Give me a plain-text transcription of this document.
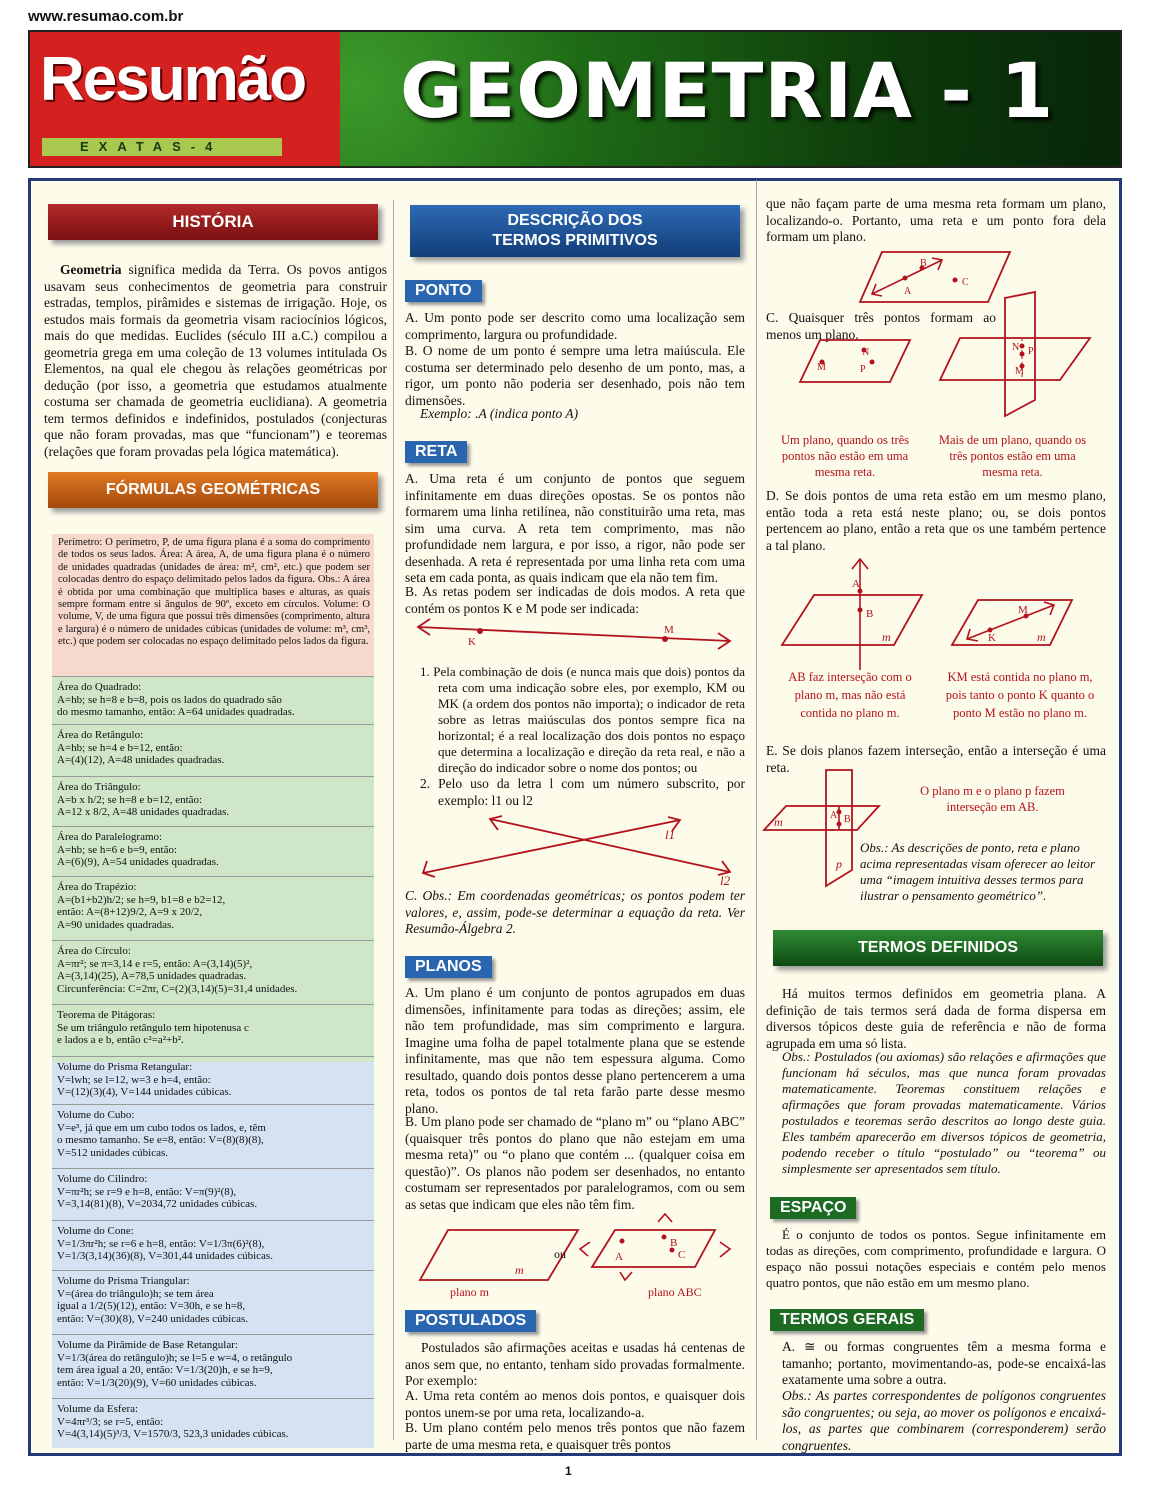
www.resumao.com.br
Resumão
EXATAS-4
GEOMETRIA - 1
HISTÓRIA
Geometria significa medida da Terra. Os povos antigos usavam seus conhecimentos de geometria para construir estradas, templos, pirâmides e sistemas de irrigação. Hoje, os estudos mais formais da geometria visam raciocínios lógicos, mais do que medidas. Euclides (século III a.C.) compilou a geometria grega em uma coleção de 13 volumes intitulada Os Elementos, na qual ele chegou às relações geométricas por dedução (por isso, a geometria que estudamos atualmente costuma ser chamada de geometria euclidiana). A geometria tem termos definidos e indefinidos, postulados (conjecturas que não foram provadas, mas que “funcionam”) e teoremas (relações que foram provadas pela lógica matemática).
FÓRMULAS GEOMÉTRICAS
Perímetro: O perímetro, P, de uma figura plana é a soma do comprimento de todos os seus lados. Área: A área, A, de uma figura plana é o número de unidades quadradas (unidades de área: m², cm², etc.) que podem ser colocadas dentro do espaço delimitado pelos lados da figura. Obs.: A área é obtida por uma combinação que multiplica bases e alturas, as quais sempre formam entre si ângulos de 90º, exceto em círculos. Volume: O volume, V, de uma figura que possui três dimensões (comprimento, altura e largura) é o número de unidades cúbicas (unidades de volume: m³, cm³, etc.) que podem ser colocadas no espaço delimitado pelos lados da figura.
Área do Quadrado:
A=hb; se h=8 e b=8, pois os lados do quadrado são
do mesmo tamanho, então: A=64 unidades quadradas.
Área do Retângulo:
A=hb; se h=4 e b=12, então:
A=(4)(12), A=48 unidades quadradas.
Área do Triângulo:
A=b x h/2; se h=8 e b=12, então:
A=12 x 8/2, A=48 unidades quadradas.
Área do Paralelogramo:
A=hb; se h=6 e b=9, então:
A=(6)(9), A=54 unidades quadradas.
Área do Trapézio:
A=(b1+b2)h/2; se h=9, b1=8 e b2=12,
então: A=(8+12)9/2, A=9 x 20/2,
A=90 unidades quadradas.
Área do Círculo:
A=πr²; se π=3,14 e r=5, então: A=(3,14)(5)²,
A=(3,14)(25), A=78,5 unidades quadradas.
Circunferência: C=2πr, C=(2)(3,14)(5)=31,4 unidades.
Teorema de Pitágoras:
Se um triângulo retângulo tem hipotenusa c
e lados a e b, então c²=a²+b².
Volume do Prisma Retangular:
V=lwh; se l=12, w=3 e h=4, então:
V=(12)(3)(4), V=144 unidades cúbicas.
Volume do Cubo:
V=e³, já que em um cubo todos os lados, e, têm
o mesmo tamanho. Se e=8, então: V=(8)(8)(8),
V=512 unidades cúbicas.
Volume do Cilindro:
V=πr²h; se r=9 e h=8, então: V=π(9)²(8),
V=3,14(81)(8), V=2034,72 unidades cúbicas.
Volume do Cone:
V=1/3πr²h; se r=6 e h=8, então: V=1/3π(6)²(8),
V=1/3(3,14)(36)(8), V=301,44 unidades cúbicas.
Volume do Prisma Triangular:
V=(área do triângulo)h; se tem área
igual a 1/2(5)(12), então: V=30h, e se h=8,
então: V=(30)(8), V=240 unidades cúbicas.
Volume da Pirâmide de Base Retangular:
V=1/3(área do retângulo)h; se l=5 e w=4, o retângulo
tem área igual a 20, então: V=1/3(20)h, e se h=9,
então: V=1/3(20)(9), V=60 unidades cúbicas.
Volume da Esfera:
V=4πr³/3; se r=5, então:
V=4(3,14)(5)³/3, V=1570/3, 523,3 unidades cúbicas.
DESCRIÇÃO DOS
TERMOS PRIMITIVOS
PONTO
A. Um ponto pode ser descrito como uma localização sem comprimento, largura ou profundidade.
B. O nome de um ponto é sempre uma letra maiúscula. Ele costuma ser determinado pelo desenho de um ponto, mas, a rigor, um ponto não poderia ser desenhado, pois não tem dimensões.
Exemplo: .A (indica ponto A)
RETA
A. Uma reta é um conjunto de pontos que seguem infinitamente em duas direções opostas. Se os pontos não formarem uma linha retilínea, não constituirão uma reta, mas sim uma curva. A reta tem comprimento, mas não profundidade nem largura, e por isso, a rigor, não pode ser desenhada. A reta é representada por uma linha reta com uma seta em cada ponta, as quais indicam que ela não tem fim.
B. As retas podem ser indicadas de dois modos. A reta que contém os pontos K e M pode ser indicada:
K
M
1. Pela combinação de dois (e nunca mais que dois) pontos da reta com uma indicação sobre eles, por exemplo, KM ou MK (a ordem dos pontos não importa); o indicador de reta sobre as letras maiúsculas dos pontos sempre fica na horizontal; é a real localização dos dois pontos no espaço que determina a localização e direção da reta real, e não a direção do indicador sobre o nome dos pontos; ou
2. Pelo uso da letra l com um número subscrito, por exemplo: l1 ou l2
l1
l2
C. Obs.: Em coordenadas geométricas; os pontos podem ter valores, e, assim, pode-se determinar a equação da reta. Ver Resumão-Álgebra 2.
PLANOS
A. Um plano é um conjunto de pontos agrupados em duas dimensões, infinitamente para todas as direções; assim, ele não tem profundidade, mas sim comprimento e largura. Imagine uma folha de papel totalmente plana que se estende infinitamente, mas que não tem espessura alguma. Como resultado, quando dois pontos desse plano pertencerem a uma reta, todos os pontos de tal reta farão parte desse mesmo plano.
B. Um plano pode ser chamado de “plano m” ou “plano ABC” (quaisquer três pontos do plano que não estejam em uma mesma reta)” ou “o plano que contém ... (qualquer coisa em questão)”. Os planos não podem ser desenhados, no entanto costumam ser representados por paralelogramos, com ou sem as setas que indicam que eles não têm fim.
m
A
B
C
ou
plano m	plano ABC
POSTULADOS
Postulados são afirmações aceitas e usadas há centenas de anos sem que, no entanto, tenham sido provadas formalmente. Por exemplo:
A. Uma reta contém ao menos dois pontos, e quaisquer dois pontos unem-se por uma reta, localizando-a.
B. Um plano contém pelo menos três pontos que não fazem parte de uma mesma reta, e quaisquer três pontos
que não façam parte de uma mesma reta formam um plano, localizando-o. Portanto, uma reta e um ponto fora dela formam um plano.
A
B
C
C. Quaisquer três pontos formam ao menos um plano.
M
N
P
N P
M
Um plano, quando os três pontos não estão em uma mesma reta.
Mais de um plano, quando os três pontos estão em uma mesma reta.
D. Se dois pontos de uma reta estão em um mesmo plano, então toda a reta está neste plano; ou, se dois pontos pertencem ao plano, então a reta que os une também pertence a tal plano.
A
B
m	K
M
m
AB faz interseção com o plano m, mas não está contida no plano m.
KM está contida no plano m, pois tanto o ponto K quanto o ponto M estão no plano m.
E. Se dois planos fazem interseção, então a interseção é uma reta.
A B
m
p
O plano m e o plano p fazem interseção em AB.
Obs.: As descrições de ponto, reta e plano acima representadas visam oferecer ao leitor uma “imagem intuitiva desses termos para ilustrar o pensamento geométrico”.
TERMOS DEFINIDOS
Há muitos termos definidos em geometria plana. A definição de tais termos será dada de forma dispersa em diversos tópicos deste guia de referência e não de forma agrupada em uma só lista.
Obs.: Postulados (ou axiomas) são relações e afirmações que funcionam há séculos, mas que nunca foram provadas matematicamente. Teoremas constituem relações e afirmações que foram provadas matematicamente. Vários postulados e teoremas serão descritos ao longo deste guia. Eles também aparecerão em diversos tópicos de geometria, podendo receber o título “postulado” ou “teorema” ou simplesmente ser apresentados sem título.
ESPAÇO
É o conjunto de todos os pontos. Segue infinitamente em todas as direções, com comprimento, profundidade e largura. O espaço não possui notações especiais e contém pelo menos quatro pontos, que não estão em um mesmo plano.
TERMOS GERAIS
A. ≅ ou formas congruentes têm a mesma forma e tamanho; portanto, movimentando-as, pode-se encaixá-las exatamente uma sobre a outra.
Obs.: As partes correspondentes de polígonos congruentes são congruentes; ou seja, ao mover os polígonos e encaixá-los, as partes que combinarem (corresponderem) serão congruentes.
1
